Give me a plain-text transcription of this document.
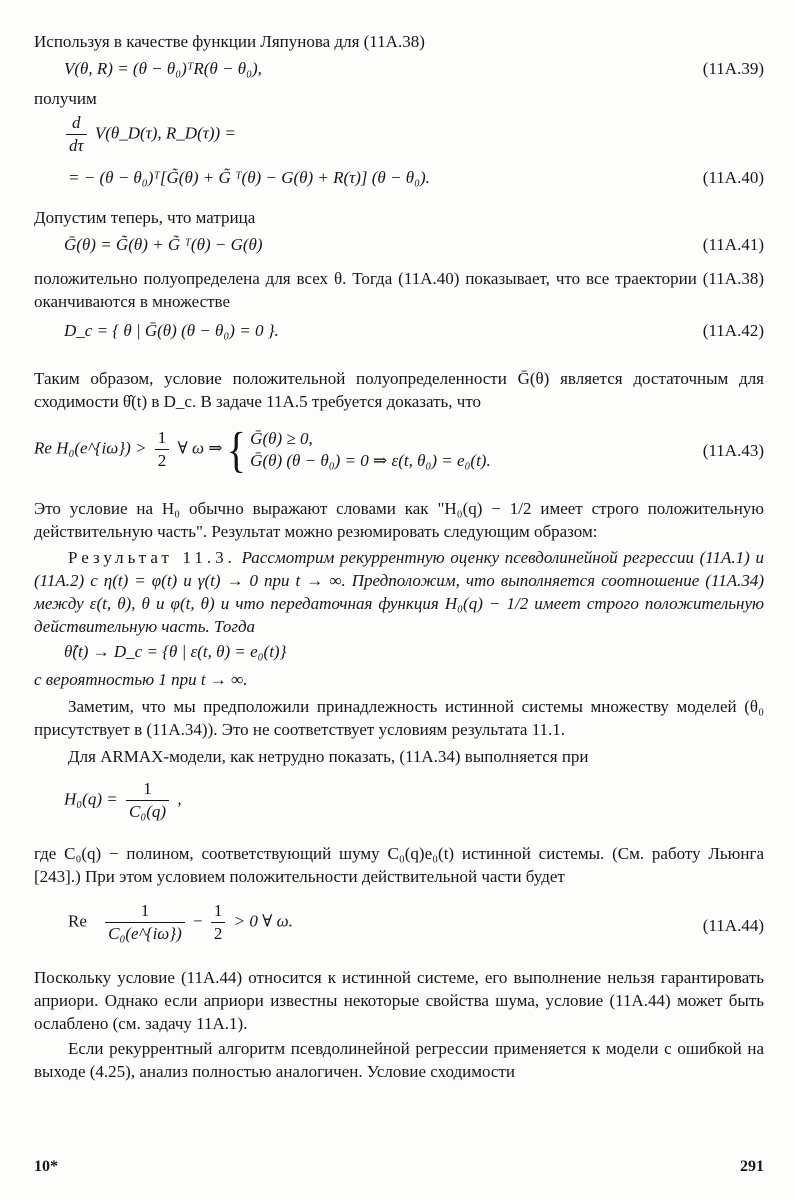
Используя в качестве функции Ляпунова для (11А.38)

V(θ, R) = (θ − θ₀)ᵀR(θ − θ₀),	(11А.39)

получим

$\frac{d}{d\tau}$ V(θ_D(τ), R_D(τ)) =
= − (θ − θ₀)ᵀ[G̃(θ) + G̃ ᵀ(θ) − G(θ) + R(τ)] (θ − θ₀).	(11А.40)

Допустим теперь, что матрица

Ḡ(θ) = G̃(θ) + G̃ ᵀ(θ) − G(θ)	(11А.41)

положительно полуопределена для всех θ. Тогда (11А.40) показывает, что все траектории (11А.38) оканчиваются в множестве

D_c = { θ | Ḡ(θ) (θ − θ₀) = 0 }.	(11А.42)

Таким образом, условие положительной полуопределенности Ḡ(θ) является достаточным для сходимости θ̂(t) в D_c. В задаче 11А.5 требуется доказать, что

Re H₀(e^{iω}) > $\frac{1}{2}$ ∀ ω ⇒ { Ḡ(θ) ≥ 0,
Ḡ(θ) (θ − θ₀) = 0 ⇒ ε(t, θ₀) = e₀(t).	(11А.43)

Это условие на H₀ обычно выражают словами как "H₀(q) − 1/2 имеет строго положительную действительную часть". Результат можно резюмировать следующим образом:

Результат 11.3. Рассмотрим рекуррентную оценку псевдолинейной регрессии (11А.1) и (11А.2) с η(t) = φ(t) и γ(t) → 0 при t → ∞. Предположим, что выполняется соотношение (11А.34) между ε(t, θ), θ и φ(t, θ) и что передаточная функция H₀(q) − 1/2 имеет строго положительную действительную часть. Тогда

θ̂(t) → D_c = {θ | ε(t, θ) = e₀(t)}

с вероятностью 1 при t → ∞.

Заметим, что мы предположили принадлежность истинной системы множеству моделей (θ₀ присутствует в (11А.34)). Это не соответствует условиям результата 11.1.

Для ARMAX-модели, как нетрудно показать, (11А.34) выполняется при

$H_0(q) = \frac{1}{\text{C₀(q)}}$ ,

где C₀(q) − полином, соответствующий шуму C₀(q)e₀(t) истинной системы. (См. работу Льюнга [243].) При этом условием положительности действительной части будет

Re $\frac{1}{\text{C₀(e\textasciicircum{}\{iω\})}} - \frac{1}{2} > 0$ ∀ ω.	(11А.44)

Поскольку условие (11А.44) относится к истинной системе, его выполнение нельзя гарантировать априори. Однако если априори известны некоторые свойства шума, условие (11А.44) может быть ослаблено (см. задачу 11А.1).

Если рекуррентный алгоритм псевдолинейной регрессии применяется к модели с ошибкой на выходе (4.25), анализ полностью аналогичен. Условие сходимости

10*	291
